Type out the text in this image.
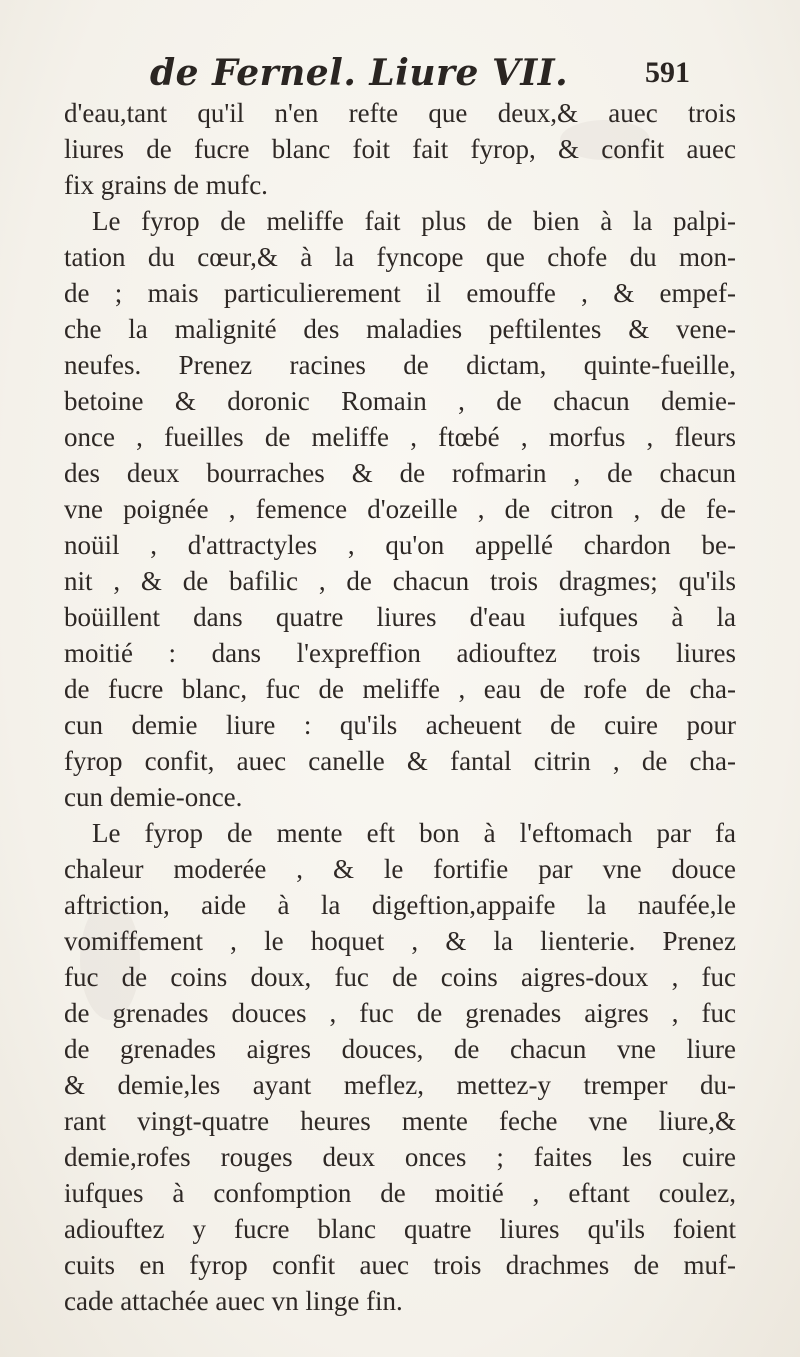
de Fernel. Liure VII.	591
d'eau,tant qu'il n'en refte que deux,& auec trois
liures de fucre blanc foit fait fyrop, & confit auec
fix grains de mufc.
Le fyrop de meliffe fait plus de bien à la palpi-
tation du cœur,& à la fyncope que chofe du mon-
de ; mais particulierement il emouffe , & empef-
che la malignité des maladies peftilentes & vene-
neufes. Prenez racines de dictam, quinte-fueille,
betoine & doronic Romain , de chacun demie-
once , fueilles de meliffe , ftœbé , morfus , fleurs
des deux bourraches & de rofmarin , de chacun
vne poignée , femence d'ozeille , de citron , de fe-
noüil , d'attractyles , qu'on appellé chardon be-
nit , & de bafilic , de chacun trois dragmes; qu'ils
boüillent dans quatre liures d'eau iufques à la
moitié : dans l'expreffion adiouftez trois liures
de fucre blanc, fuc de meliffe , eau de rofe de cha-
cun demie liure : qu'ils acheuent de cuire pour
fyrop confit, auec canelle & fantal citrin , de cha-
cun demie-once.
Le fyrop de mente eft bon à l'eftomach par fa
chaleur moderée , & le fortifie par vne douce
aftriction, aide à la digeftion,appaife la naufée,le
vomiffement , le hoquet , & la lienterie. Prenez
fuc de coins doux, fuc de coins aigres-doux , fuc
de grenades douces , fuc de grenades aigres , fuc
de grenades aigres douces, de chacun vne liure
& demie,les ayant meflez, mettez-y tremper du-
rant vingt-quatre heures mente feche vne liure,&
demie,rofes rouges deux onces ; faites les cuire
iufques à confomption de moitié , eftant coulez,
adiouftez y fucre blanc quatre liures qu'ils foient
cuits en fyrop confit auec trois drachmes de muf-
cade attachée auec vn linge fin.
